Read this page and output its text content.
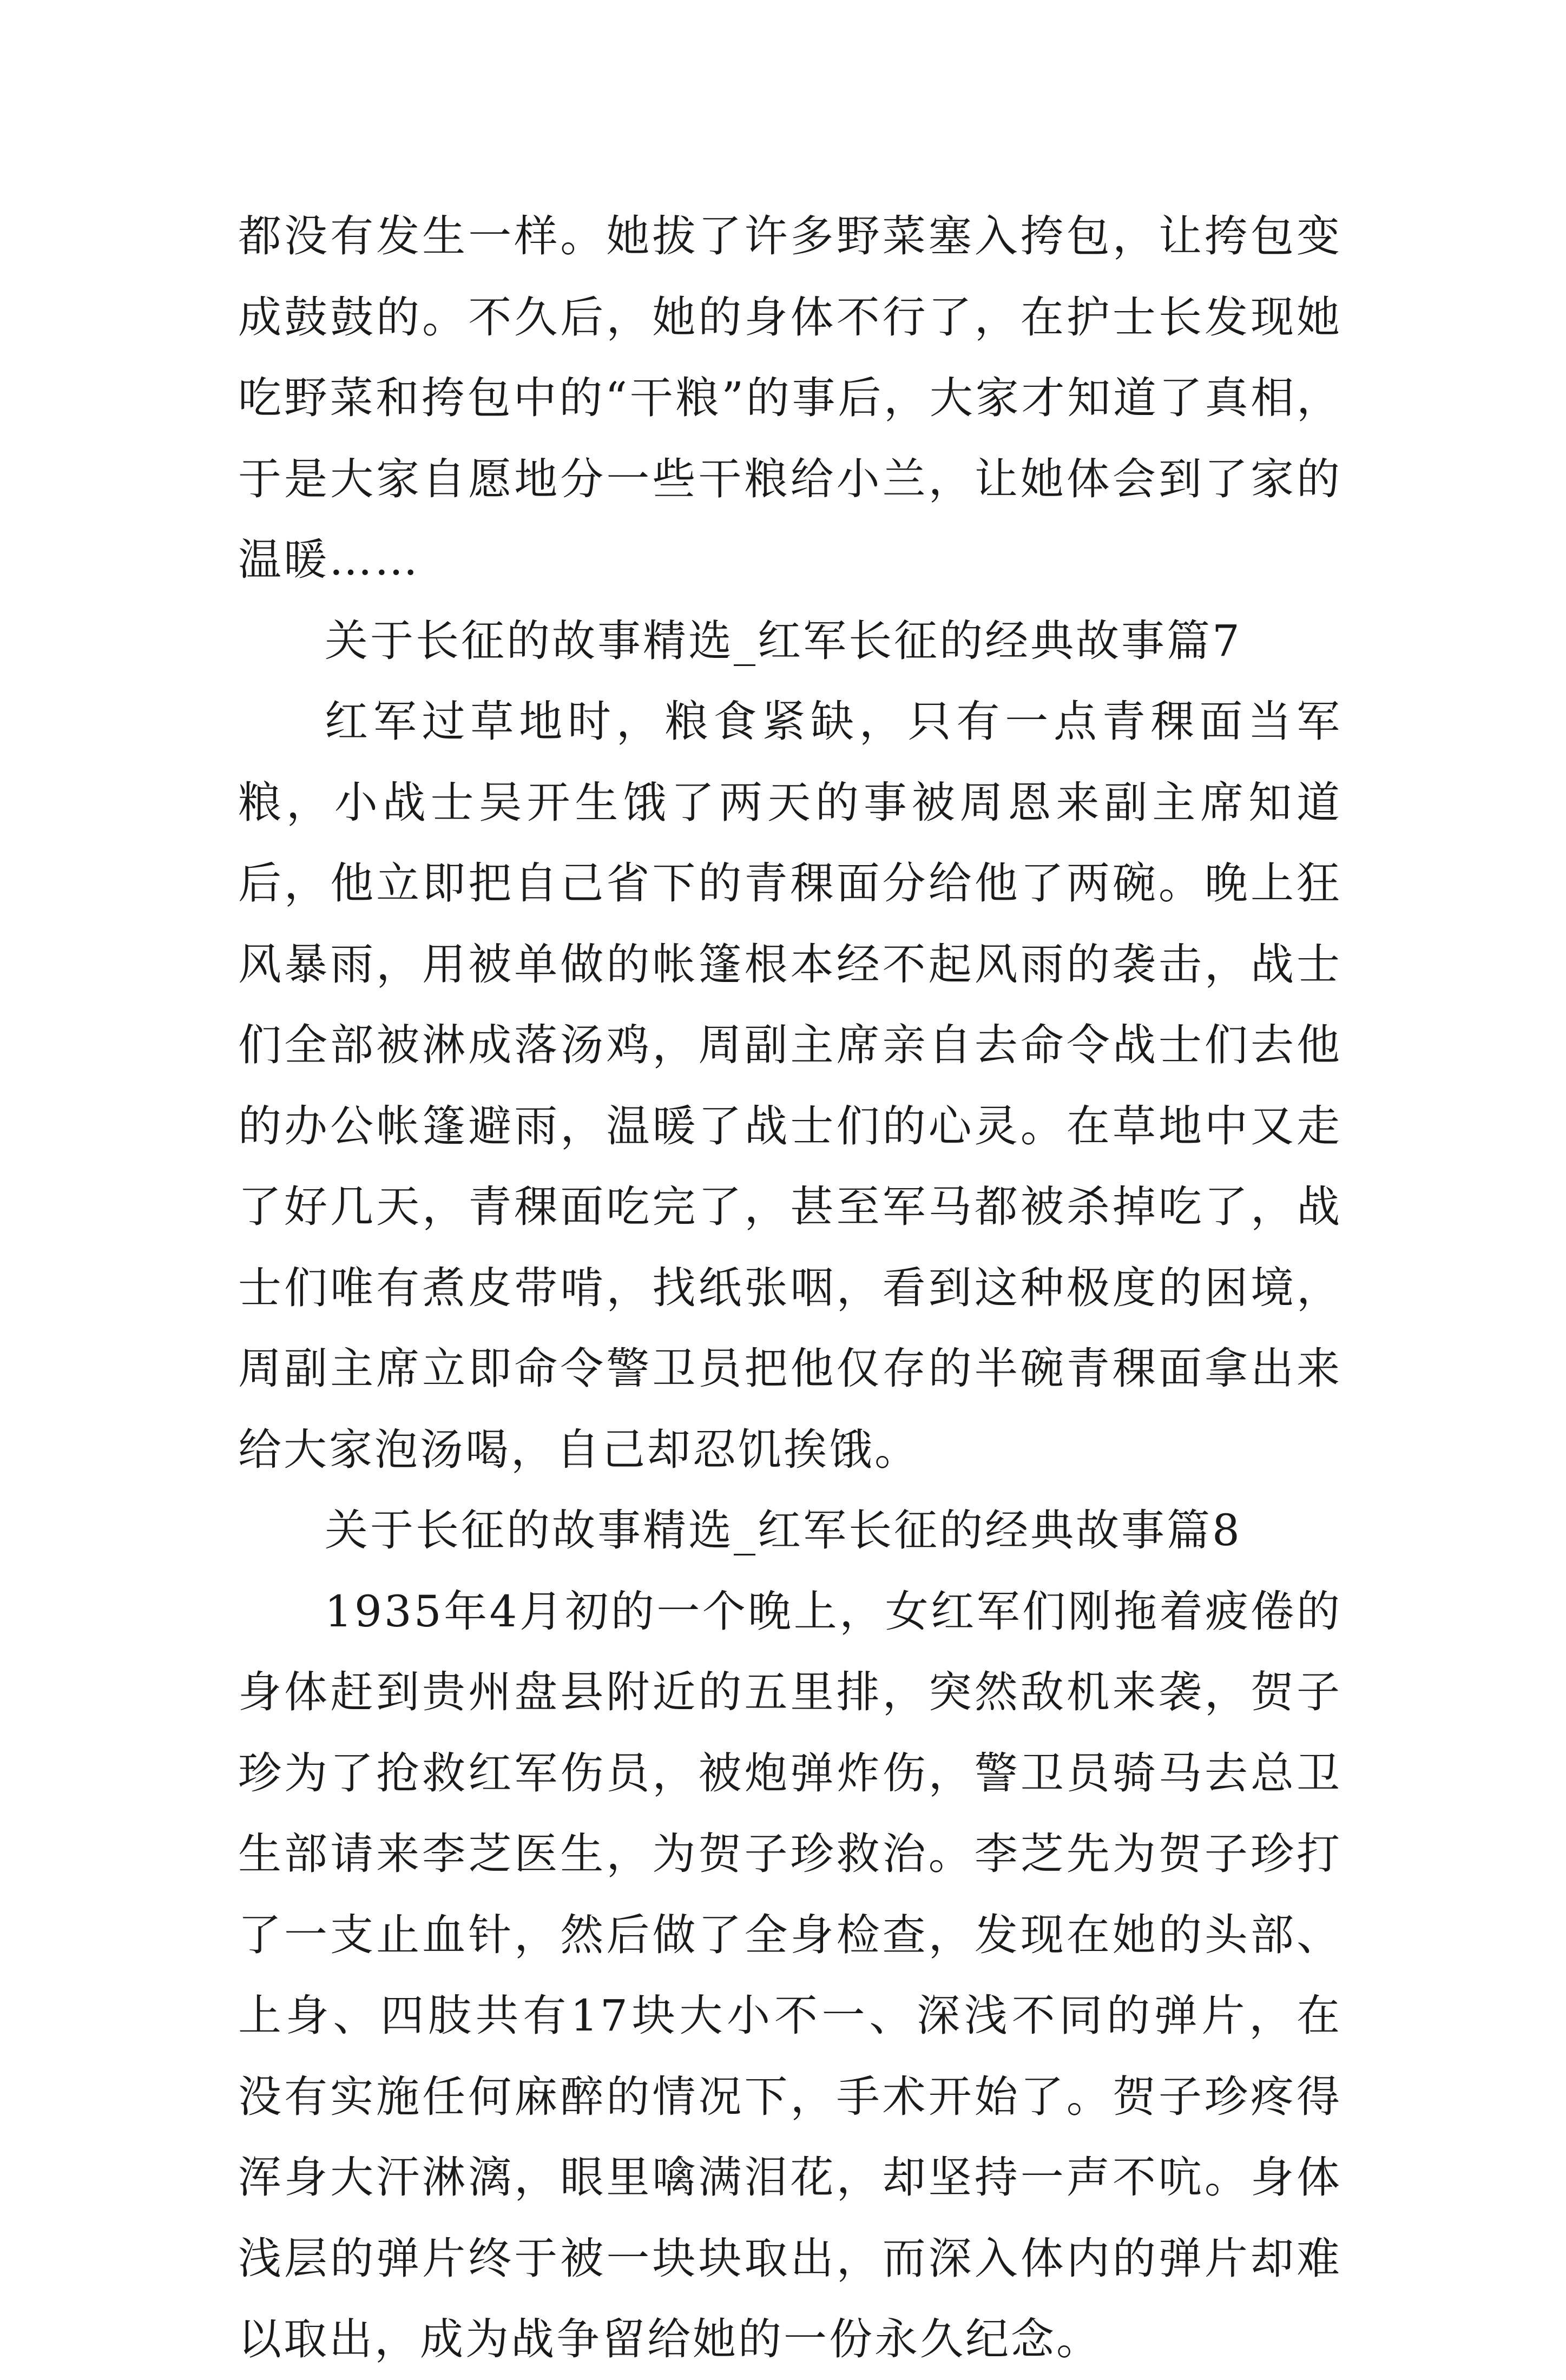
都没有发生一样。她拔了许多野菜塞入挎包，让挎包变成鼓鼓的。不久后，她的身体不行了，在护士长发现她吃野菜和挎包中的“干粮”的事后，大家才知道了真相，于是大家自愿地分一些干粮给小兰，让她体会到了家的温暖……

关于长征的故事精选_红军长征的经典故事篇7

红军过草地时，粮食紧缺，只有一点青稞面当军粮，小战士吴开生饿了两天的事被周恩来副主席知道后，他立即把自己省下的青稞面分给他了两碗。晚上狂风暴雨，用被单做的帐篷根本经不起风雨的袭击，战士们全部被淋成落汤鸡，周副主席亲自去命令战士们去他的办公帐篷避雨，温暖了战士们的心灵。在草地中又走了好几天，青稞面吃完了，甚至军马都被杀掉吃了，战士们唯有煮皮带啃，找纸张咽，看到这种极度的困境，周副主席立即命令警卫员把他仅存的半碗青稞面拿出来给大家泡汤喝，自己却忍饥挨饿。

关于长征的故事精选_红军长征的经典故事篇8

1935年4月初的一个晚上，女红军们刚拖着疲倦的身体赶到贵州盘县附近的五里排，突然敌机来袭，贺子珍为了抢救红军伤员，被炮弹炸伤，警卫员骑马去总卫生部请来李芝医生，为贺子珍救治。李芝先为贺子珍打了一支止血针，然后做了全身检查，发现在她的头部、上身、四肢共有17块大小不一、深浅不同的弹片，在没有实施任何麻醉的情况下，手术开始了。贺子珍疼得浑身大汗淋漓，眼里噙满泪花，却坚持一声不吭。身体浅层的弹片终于被一块块取出，而深入体内的弹片却难以取出，成为战争留给她的一份永久纪念。
